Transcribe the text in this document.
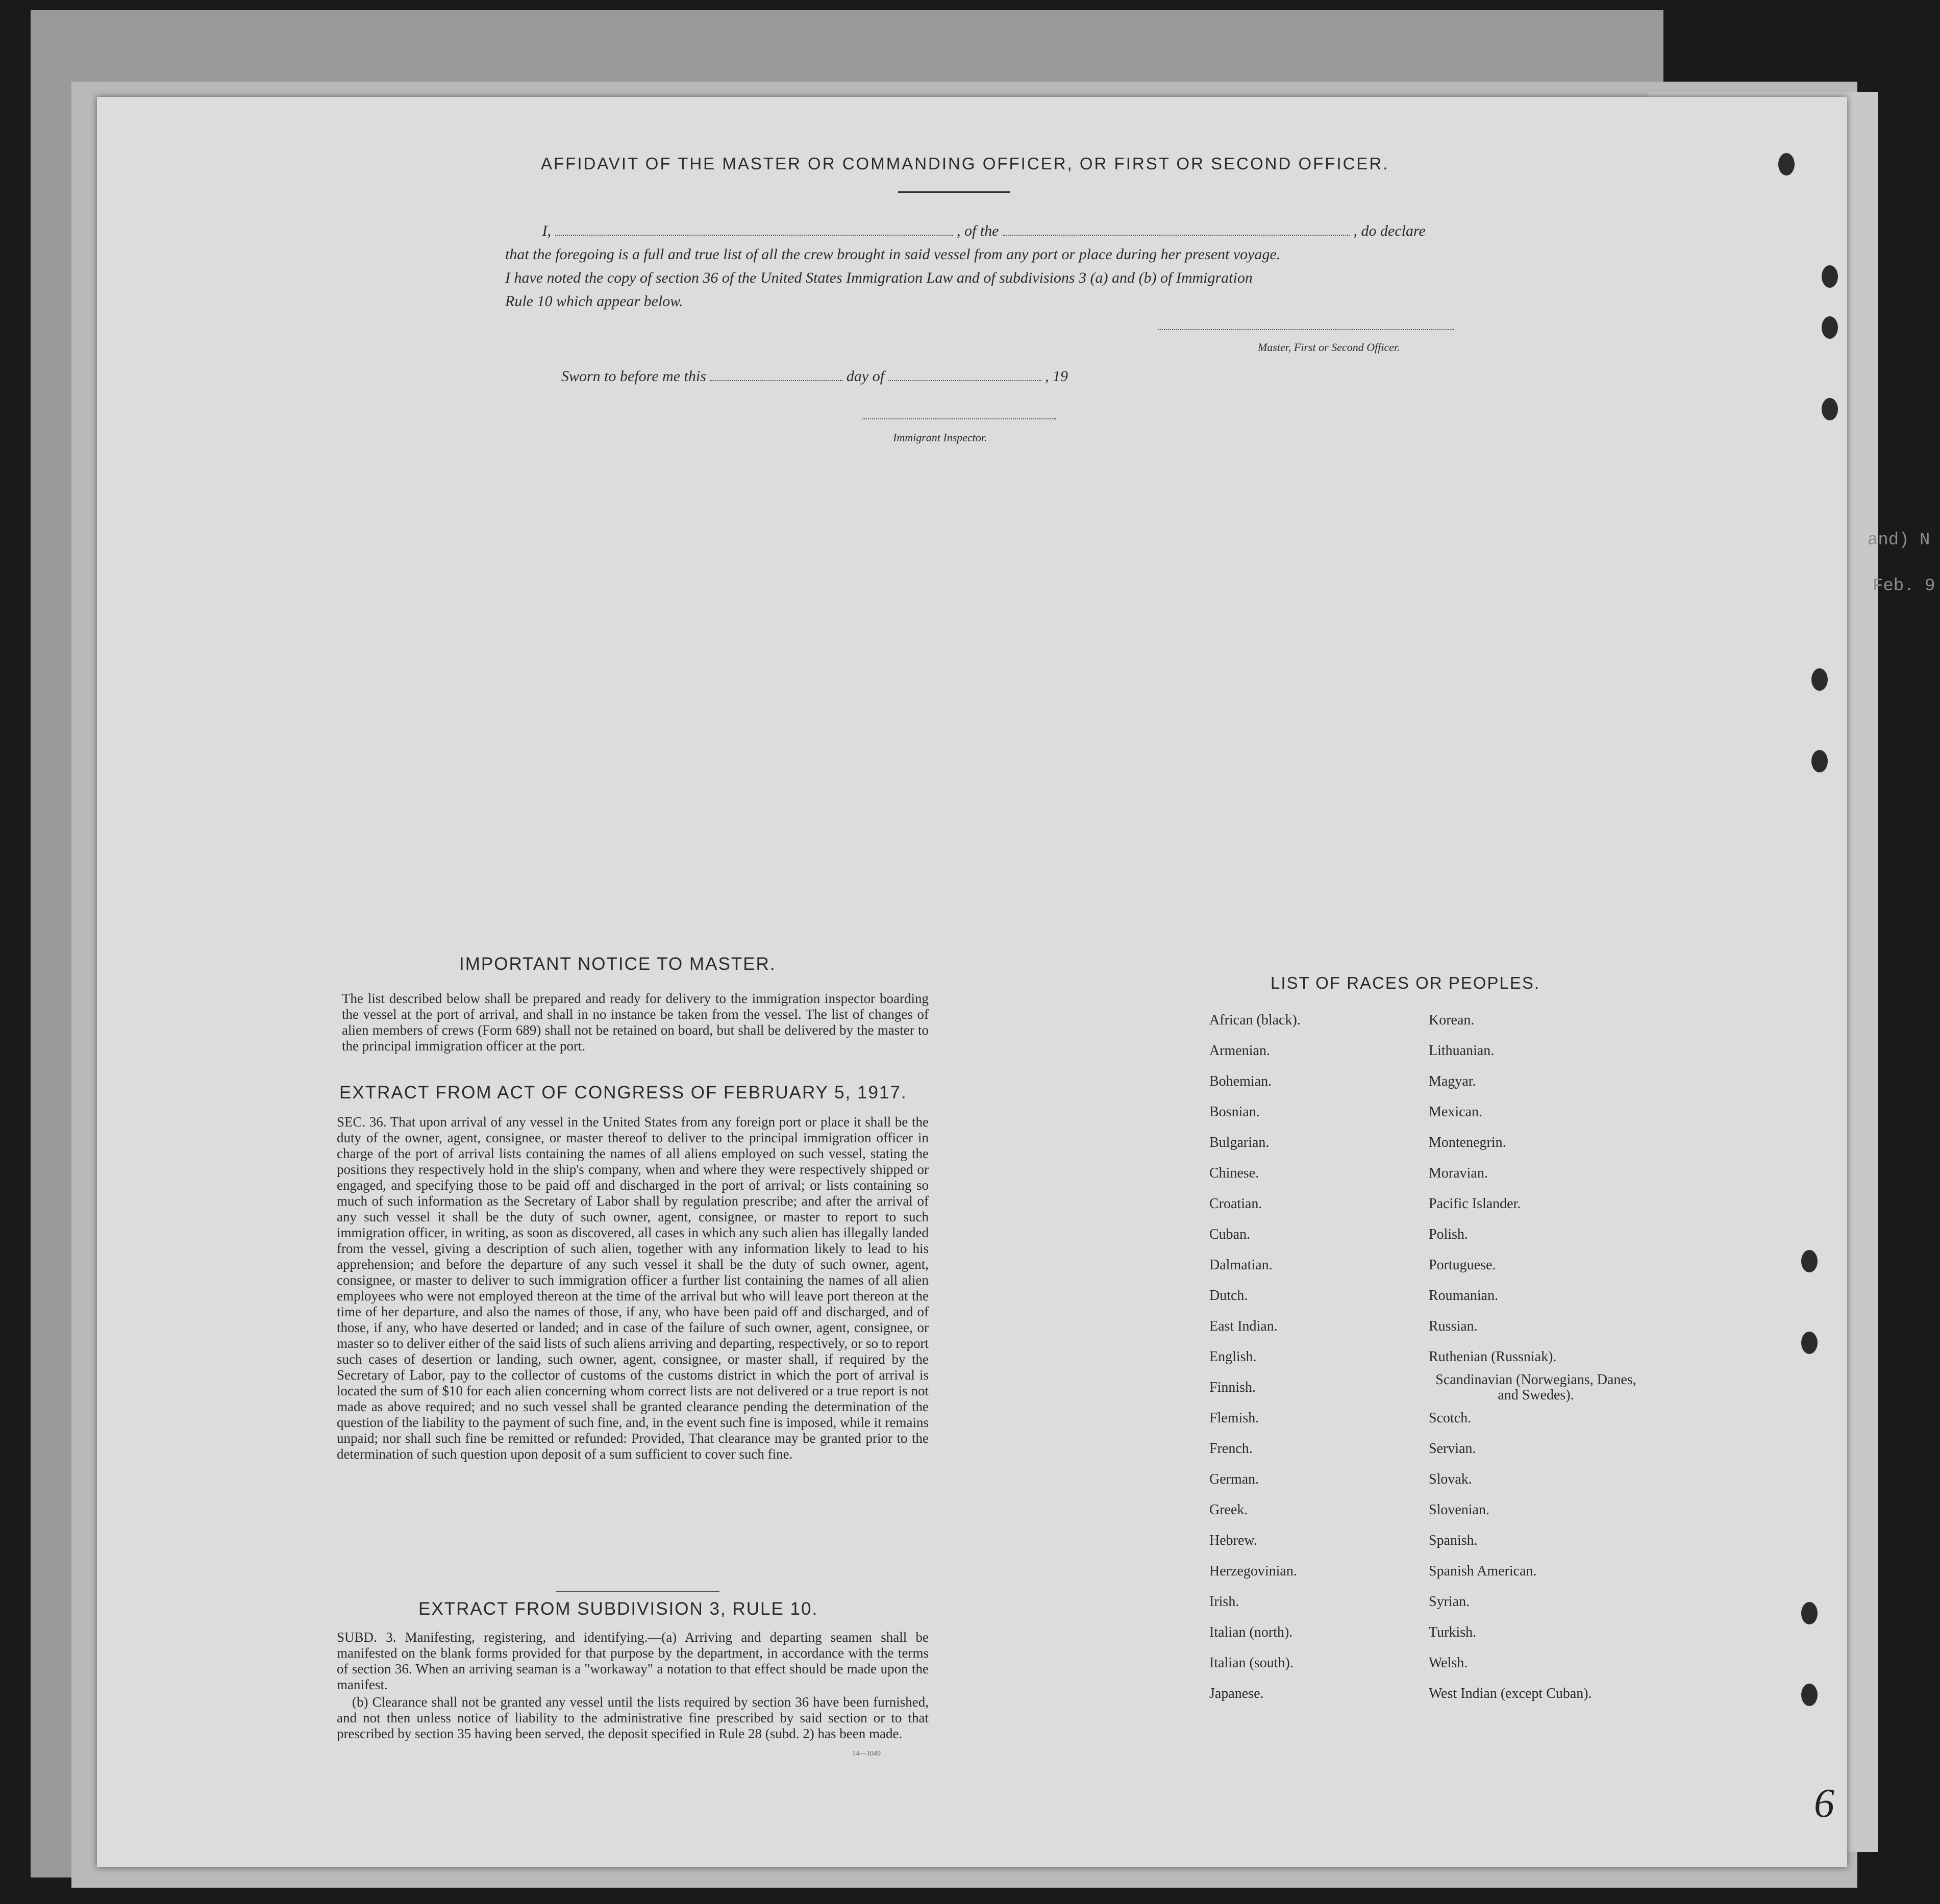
and) N
Feb. 9
AFFIDAVIT OF THE MASTER OR COMMANDING OFFICER, OR FIRST OR SECOND OFFICER.
I,	, of the	, do declare
that the foregoing is a full and true list of all the crew brought in said vessel from any port or place during her present voyage.
I have noted the copy of section 36 of the United States Immigration Law and of subdivisions 3 (a) and (b) of Immigration
Rule 10 which appear below.
Master, First or Second Officer.
Sworn to before me this	day of	, 19
Immigrant Inspector.
IMPORTANT NOTICE TO MASTER.
The list described below shall be prepared and ready for delivery to the immigration inspector boarding the vessel at the port of arrival, and shall in no instance be taken from the vessel. The list of changes of alien members of crews (Form 689) shall not be retained on board, but shall be delivered by the master to the principal immigration officer at the port.
EXTRACT FROM ACT OF CONGRESS OF FEBRUARY 5, 1917.
SEC. 36. That upon arrival of any vessel in the United States from any foreign port or place it shall be the duty of the owner, agent, consignee, or master thereof to deliver to the principal immigration officer in charge of the port of arrival lists containing the names of all aliens employed on such vessel, stating the positions they respectively hold in the ship's company, when and where they were respectively shipped or engaged, and specifying those to be paid off and discharged in the port of arrival; or lists containing so much of such information as the Secretary of Labor shall by regulation prescribe; and after the arrival of any such vessel it shall be the duty of such owner, agent, consignee, or master to report to such immigration officer, in writing, as soon as discovered, all cases in which any such alien has illegally landed from the vessel, giving a description of such alien, together with any information likely to lead to his apprehension; and before the departure of any such vessel it shall be the duty of such owner, agent, consignee, or master to deliver to such immigration officer a further list containing the names of all alien employees who were not employed thereon at the time of the arrival but who will leave port thereon at the time of her departure, and also the names of those, if any, who have been paid off and discharged, and of those, if any, who have deserted or landed; and in case of the failure of such owner, agent, consignee, or master so to deliver either of the said lists of such aliens arriving and departing, respectively, or so to report such cases of desertion or landing, such owner, agent, consignee, or master shall, if required by the Secretary of Labor, pay to the collector of customs of the customs district in which the port of arrival is located the sum of $10 for each alien concerning whom correct lists are not delivered or a true report is not made as above required; and no such vessel shall be granted clearance pending the determination of the question of the liability to the payment of such fine, and, in the event such fine is imposed, while it remains unpaid; nor shall such fine be remitted or refunded: Provided, That clearance may be granted prior to the determination of such question upon deposit of a sum sufficient to cover such fine.
EXTRACT FROM SUBDIVISION 3, RULE 10.
SUBD. 3. Manifesting, registering, and identifying.—(a) Arriving and departing seamen shall be manifested on the blank forms provided for that purpose by the department, in accordance with the terms of section 36. When an arriving seaman is a "workaway" a notation to that effect should be made upon the manifest.
(b) Clearance shall not be granted any vessel until the lists required by section 36 have been furnished, and not then unless notice of liability to the administrative fine prescribed by said section or to that prescribed by section 35 having been served, the deposit specified in Rule 28 (subd. 2) has been made.
14—1049
LIST OF RACES OR PEOPLES.
African (black).
Armenian.
Bohemian.
Bosnian.
Bulgarian.
Chinese.
Croatian.
Cuban.
Dalmatian.
Dutch.
East Indian.
English.
Finnish.
Flemish.
French.
German.
Greek.
Hebrew.
Herzegovinian.
Irish.
Italian (north).
Italian (south).
Japanese.
Korean.
Lithuanian.
Magyar.
Mexican.
Montenegrin.
Moravian.
Pacific Islander.
Polish.
Portuguese.
Roumanian.
Russian.
Ruthenian (Russniak).
Scandinavian (Norwegians, Danes, and Swedes).
Scotch.
Servian.
Slovak.
Slovenian.
Spanish.
Spanish American.
Syrian.
Turkish.
Welsh.
West Indian (except Cuban).
6
